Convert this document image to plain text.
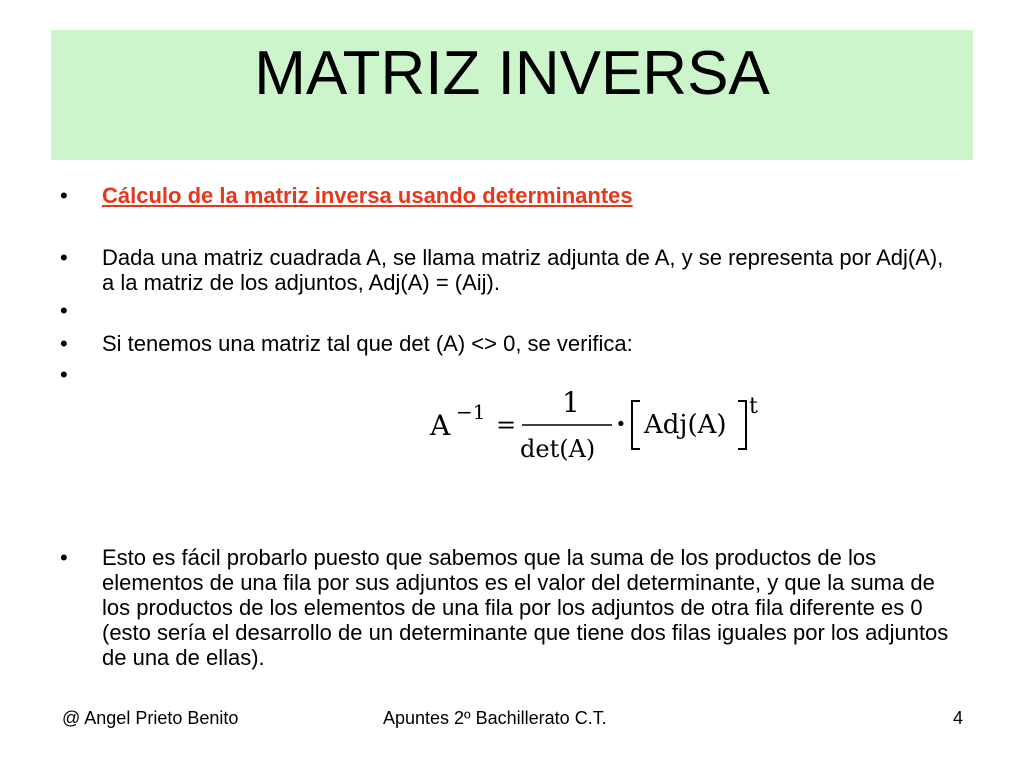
MATRIZ INVERSA
•	Cálculo de la matriz inversa usando determinantes
•	Dada una matriz cuadrada A, se llama matriz adjunta de A, y se representa por Adj(A), a la matriz de los adjuntos, Adj(A) = (Aij).
•
•	Si tenemos una matriz tal que det (A) <> 0, se verifica:
•
•	Esto es fácil probarlo puesto que sabemos que la suma de los productos de los elementos de una fila por sus adjuntos es el valor del determinante, y que la suma de los productos de los elementos de una fila por los adjuntos de otra fila diferente es 0 (esto sería el desarrollo de un determinante que tiene dos filas iguales por los adjuntos de una de ellas).
A −1 =
1
det(A)
· Adj(A)
t
@ Angel Prieto Benito	Apuntes 2º Bachillerato C.T.	4
